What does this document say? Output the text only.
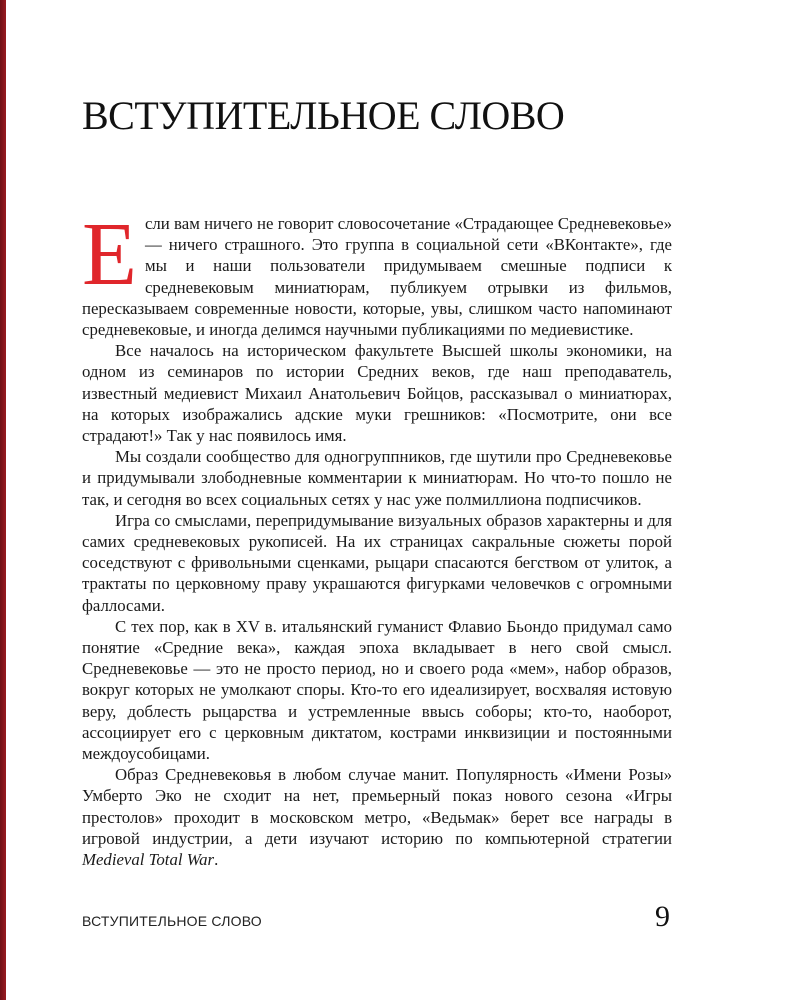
ВСТУПИТЕЛЬНОЕ СЛОВО

Если вам ничего не говорит словосочетание «Страдающее Средневековье» — ничего страшного. Это группа в социальной сети «ВКонтакте», где мы и наши пользователи придумываем смешные подписи к средневековым миниатюрам, публикуем отрывки из фильмов, пересказываем современные новости, которые, увы, слишком часто напоминают средневековые, и иногда делимся научными публикациями по медиевистике.

Все началось на историческом факультете Высшей школы экономики, на одном из семинаров по истории Средних веков, где наш преподаватель, известный медиевист Михаил Анатольевич Бойцов, рассказывал о миниатюрах, на которых изображались адские муки грешников: «Посмотрите, они все страдают!» Так у нас появилось имя.

Мы создали сообщество для одногруппников, где шутили про Средневековье и придумывали злободневные комментарии к миниатюрам. Но что-то пошло не так, и сегодня во всех социальных сетях у нас уже полмиллиона подписчиков.

Игра со смыслами, перепридумывание визуальных образов характерны и для самих средневековых рукописей. На их страницах сакральные сюжеты порой соседствуют с фривольными сценками, рыцари спасаются бегством от улиток, а трактаты по церковному праву украшаются фигурками человечков с огромными фаллосами.

С тех пор, как в XV в. итальянский гуманист Флавио Бьондо придумал само понятие «Средние века», каждая эпоха вкладывает в него свой смысл. Средневековье — это не просто период, но и своего рода «мем», набор образов, вокруг которых не умолкают споры. Кто-то его идеализирует, восхваляя истовую веру, доблесть рыцарства и устремленные ввысь соборы; кто-то, наоборот, ассоциирует его с церковным диктатом, кострами инквизиции и постоянными междоусобицами.

Образ Средневековья в любом случае манит. Популярность «Имени Розы» Умберто Эко не сходит на нет, премьерный показ нового сезона «Игры престолов» проходит в московском метро, «Ведьмак» берет все награды в игровой индустрии, а дети изучают историю по компьютерной стратегии Medieval Total War.

ВСТУПИТЕЛЬНОЕ СЛОВО	9
